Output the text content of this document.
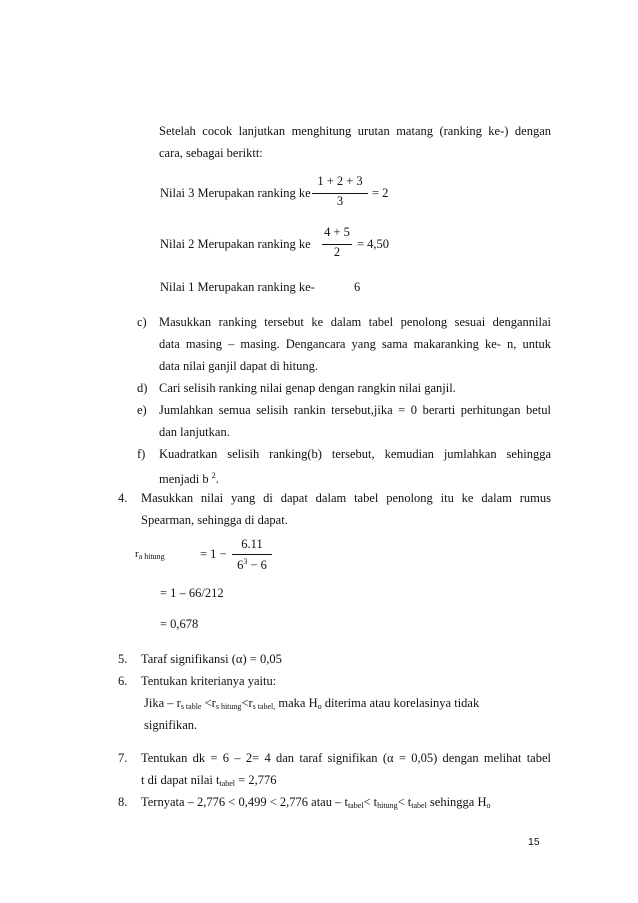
Setelah cocok lanjutkan menghitung urutan matang (ranking ke-) dengan
cara, sebagai beriktt:
Nilai 3 Merupakan ranking ke
1 + 2 + 3
3
= 2
Nilai 2 Merupakan ranking ke
4 + 5
2
= 4,50
Nilai 1 Merupakan ranking ke-	6
c) Masukkan ranking tersebut ke dalam tabel penolong sesuai dengannilai
data masing – masing. Dengancara yang sama makaranking ke- n, untuk
data nilai ganjil dapat di hitung.
d) Cari selisih ranking nilai genap dengan rangkin nilai ganjil.
e) Jumlahkan semua selisih rankin tersebut,jika = 0 berarti perhitungan betul
dan lanjutkan.
f) Kuadratkan selisih ranking(b) tersebut, kemudian jumlahkan sehingga
menjadi b $^2$.
4. Masukkan nilai yang di dapat dalam tabel penolong itu ke dalam rumus
Spearman, sehingga di dapat.
$r_{a hitung}$	= 1 −
6.11
$6^3 - 6$
= 1 – 66/212
= 0,678
5. Taraf signifikansi (α) = 0,05
6. Tentukan kriterianya yaitu:
Jika – $r_{s table} <r_{s hitung}<r_{s tabel,}$ maka $H_o$ diterima atau korelasinya tidak
signifikan.
7. Tentukan dk = 6 – 2= 4 dan taraf signifikan (α = 0,05) dengan melihat tabel
t di dapat nilai $t_{tabel} = 2,776$
8. Ternyata – 2,776 < 0,499 < 2,776 atau – $t_{tabel}< t_{hitung}< t_{tabel}$ sehingga $H_o$
15
